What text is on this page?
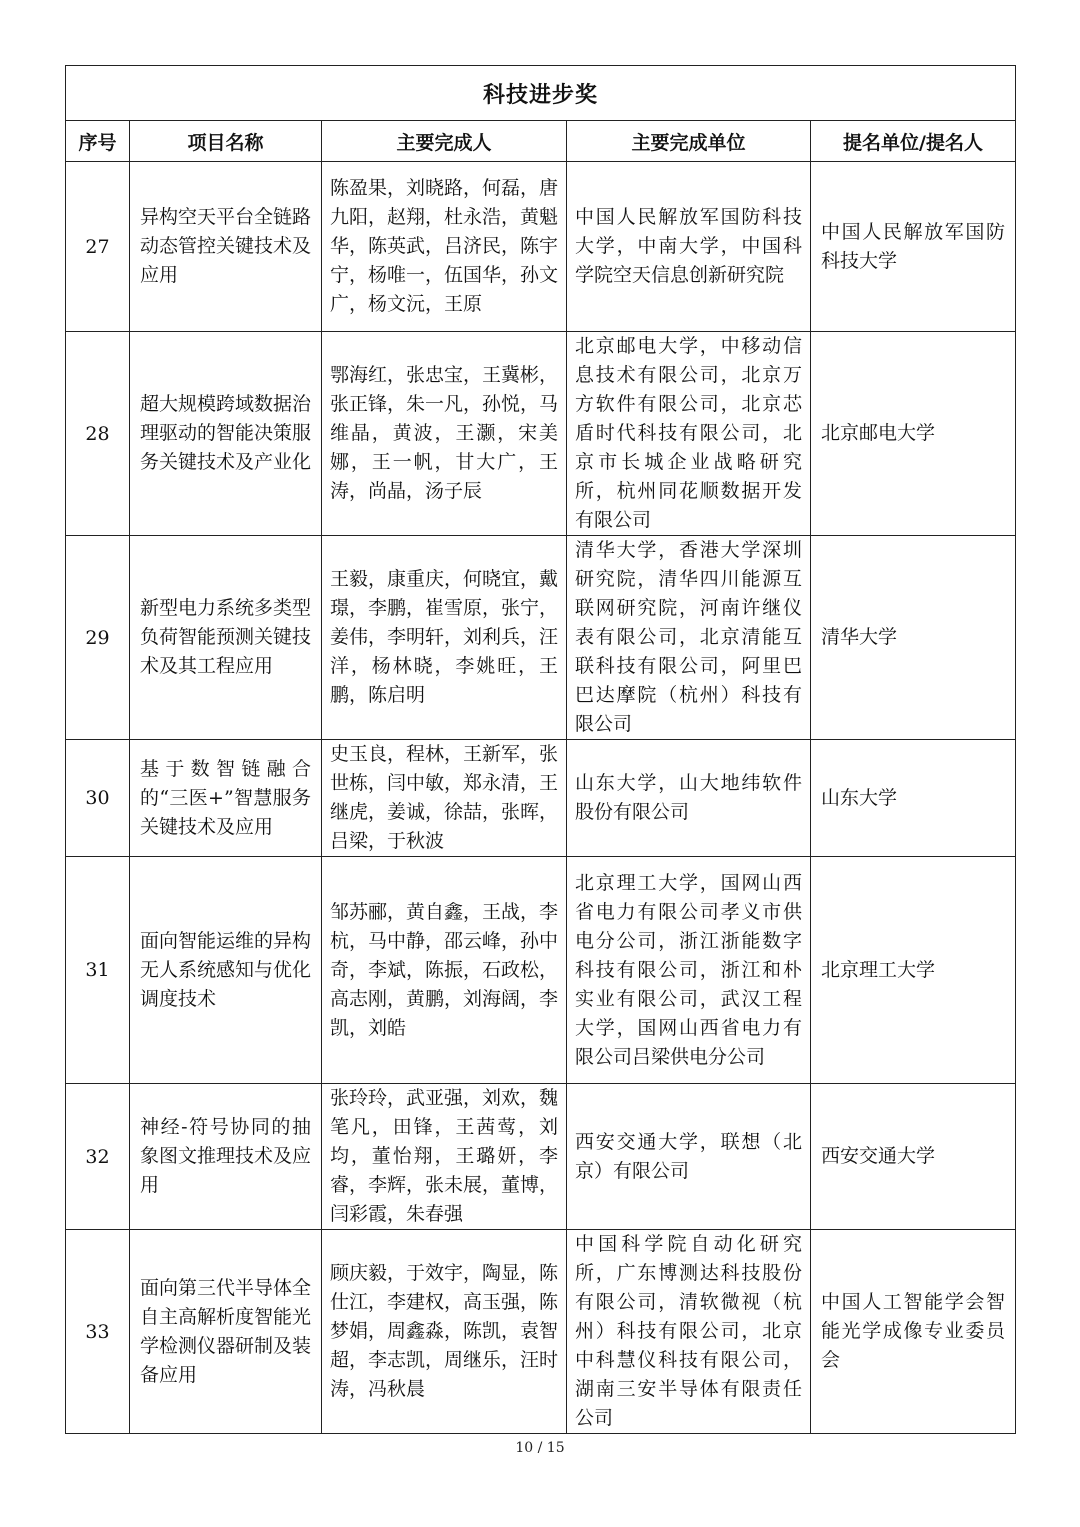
科技进步奖				
序号	项目名称	主要完成人	主要完成单位	提名单位/提名人
27	异构空天平台全链路动态管控关键技术及应用	陈盈果，刘晓路，何磊，唐九阳，赵翔，杜永浩，黄魁华，陈英武，吕济民，陈宇宁，杨唯一，伍国华，孙文广，杨文沅，王原	中国人民解放军国防科技大学，中南大学，中国科学院空天信息创新研究院	中国人民解放军国防科技大学
28	超大规模跨域数据治理驱动的智能决策服务关键技术及产业化	鄂海红，张忠宝，王冀彬，张正锋，朱一凡，孙悦，马维晶，黄波，王灏，宋美娜，王一帆，甘大广，王涛，尚晶，汤子辰	北京邮电大学，中移动信息技术有限公司，北京万方软件有限公司，北京芯盾时代科技有限公司，北京市长城企业战略研究所，杭州同花顺数据开发有限公司	北京邮电大学
29	新型电力系统多类型负荷智能预测关键技术及其工程应用	王毅，康重庆，何晓宜，戴璟，李鹏，崔雪原，张宁，姜伟，李明轩，刘利兵，汪洋，杨林晓，李姚旺，王鹏，陈启明	清华大学，香港大学深圳研究院，清华四川能源互联网研究院，河南许继仪表有限公司，北京清能互联科技有限公司，阿里巴巴达摩院（杭州）科技有限公司	清华大学
30	基于数智链融合的“三医+”智慧服务关键技术及应用	史玉良，程林，王新军，张世栋，闫中敏，郑永清，王继虎，姜诚，徐喆，张晖，吕梁，于秋波	山东大学，山大地纬软件股份有限公司	山东大学
31	面向智能运维的异构无人系统感知与优化调度技术	邹苏郦，黄自鑫，王战，李杭，马中静，邵云峰，孙中奇，李斌，陈振，石政松，高志刚，黄鹏，刘海阔，李凯，刘皓	北京理工大学，国网山西省电力有限公司孝义市供电分公司，浙江浙能数字科技有限公司，浙江和朴实业有限公司，武汉工程大学，国网山西省电力有限公司吕梁供电分公司	北京理工大学
32	神经-符号协同的抽象图文推理技术及应用	张玲玲，武亚强，刘欢，魏笔凡，田锋，王茜莺，刘均，董怡翔，王璐妍，李睿，李辉，张未展，董博，闫彩霞，朱春强	西安交通大学，联想（北京）有限公司	西安交通大学
33	面向第三代半导体全自主高解析度智能光学检测仪器研制及装备应用	顾庆毅，于效宇，陶显，陈仕江，李建权，高玉强，陈梦娟，周鑫淼，陈凯，袁智超，李志凯，周继乐，汪时涛，冯秋晨	中国科学院自动化研究所，广东博测达科技股份有限公司，清软微视（杭州）科技有限公司，北京中科慧仪科技有限公司，湖南三安半导体有限责任公司	中国人工智能学会智能光学成像专业委员会
10 / 15
